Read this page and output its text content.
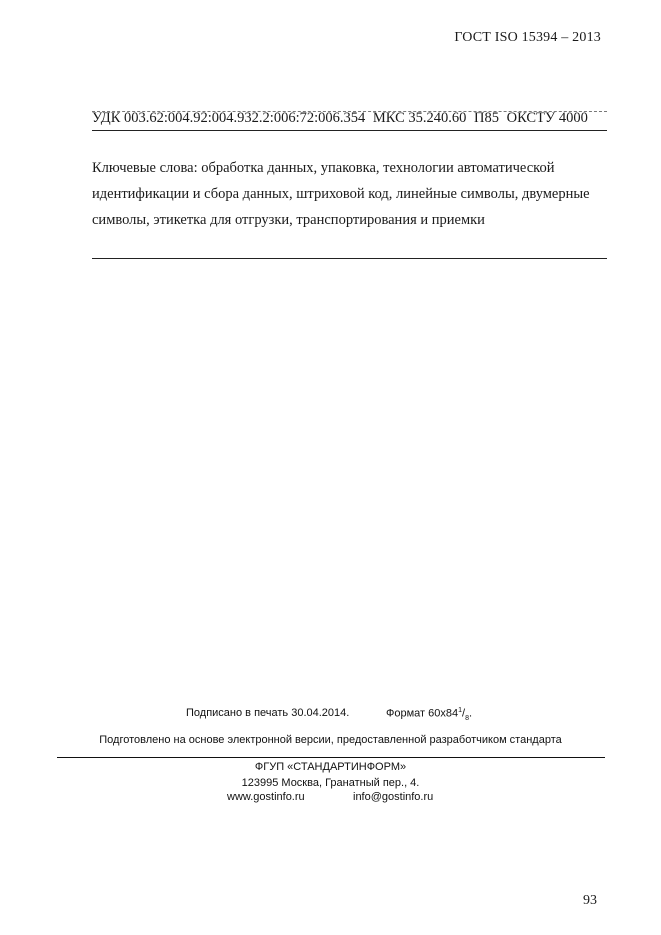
ГОСТ ISO 15394 – 2013
УДК 003.62:004.92:004.932.2:006:72:006.354 МКС 35.240.60 П85 ОКСТУ 4000
Ключевые слова: обработка данных, упаковка, технологии автоматической идентификации и сбора данных, штриховой код, линейные символы, двумерные символы, этикетка для отгрузки, транспортирования и приемки
Подписано в печать 30.04.2014.	Формат $60x84^1/_8$.
Подготовлено на основе электронной версии, предоставленной разработчиком стандарта
ФГУП «СТАНДАРТИНФОРМ»
123995 Москва, Гранатный пер., 4.
www.gostinfo.ru	info@gostinfo.ru
93
